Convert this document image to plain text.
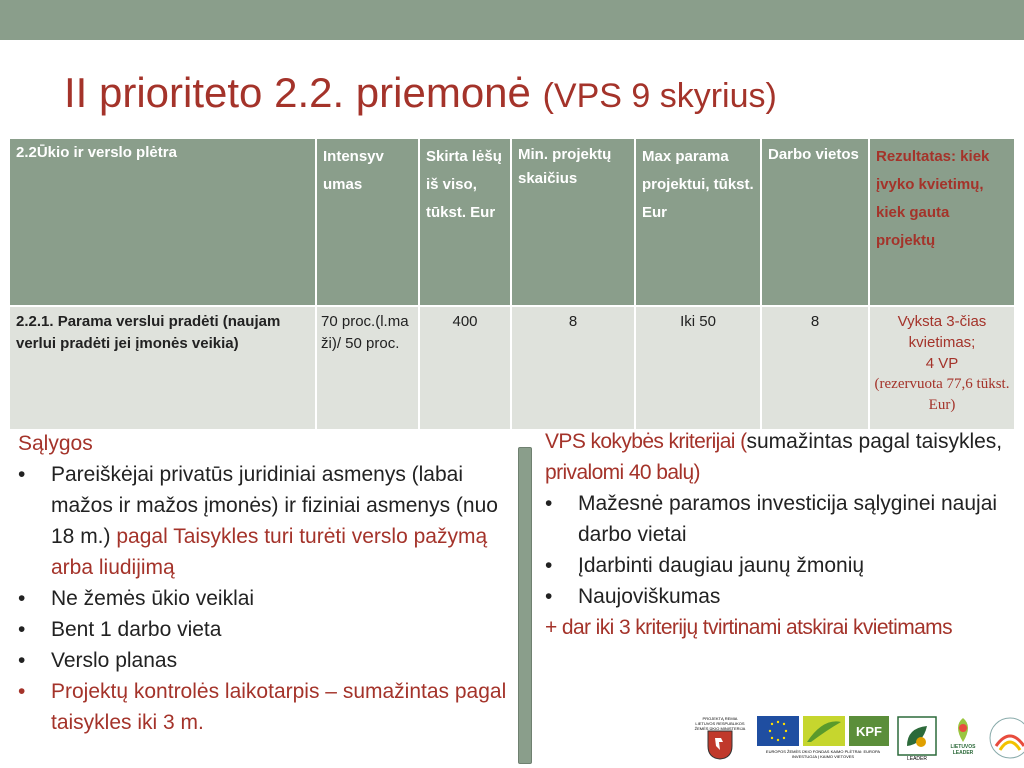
II prioriteto 2.2. priemonė (VPS 9 skyrius)
2.2Ūkio ir verslo plėtra	Intensyv umas	Skirta lėšų iš viso, tūkst. Eur	Min. projektų skaičius	Max parama projektui, tūkst. Eur	Darbo vietos	Rezultatas: kiek įvyko kvietimų, kiek gauta projektų
2.2.1. Parama verslui pradėti (naujam verlui pradėti jei įmonės veikia)	70 proc.(l.ma ži)/ 50 proc.	400	8	Iki 50	8	Vyksta 3-čias kvietimas;
4 VP
(rezervuota 77,6 tūkst. Eur)
Sąlygos
• Pareiškėjai privatūs juridiniai asmenys (labai mažos ir mažos įmonės) ir fiziniai asmenys (nuo 18 m.) pagal Taisykles turi turėti verslo pažymą arba liudijimą
• Ne žemės ūkio veiklai
• Bent 1 darbo vieta
• Verslo planas
• Projektų kontrolės laikotarpis – sumažintas pagal taisykles iki 3 m.
VPS kokybės kriterijai (sumažintas pagal taisykles, privalomi 40 balų)
• Mažesnė paramos investicija sąlyginei naujai darbo vietai
• Įdarbinti daugiau jaunų žmonių
• Naujoviškumas
+ dar iki 3 kriterijų tvirtinami atskirai kvietimams
PROJEKTĄ REMIA LIETUVOS RESPUBLIKOS ŽEMĖS ŪKIO MINISTERIJA	KPF
EUROPOS ŽEMĖS ŪKIO FONDAS KAIMO PLĖTRAI: EUROPA INVESTUOJA Į KAIMO VIETOVES	LEADER
LIETUVOS LEADER
